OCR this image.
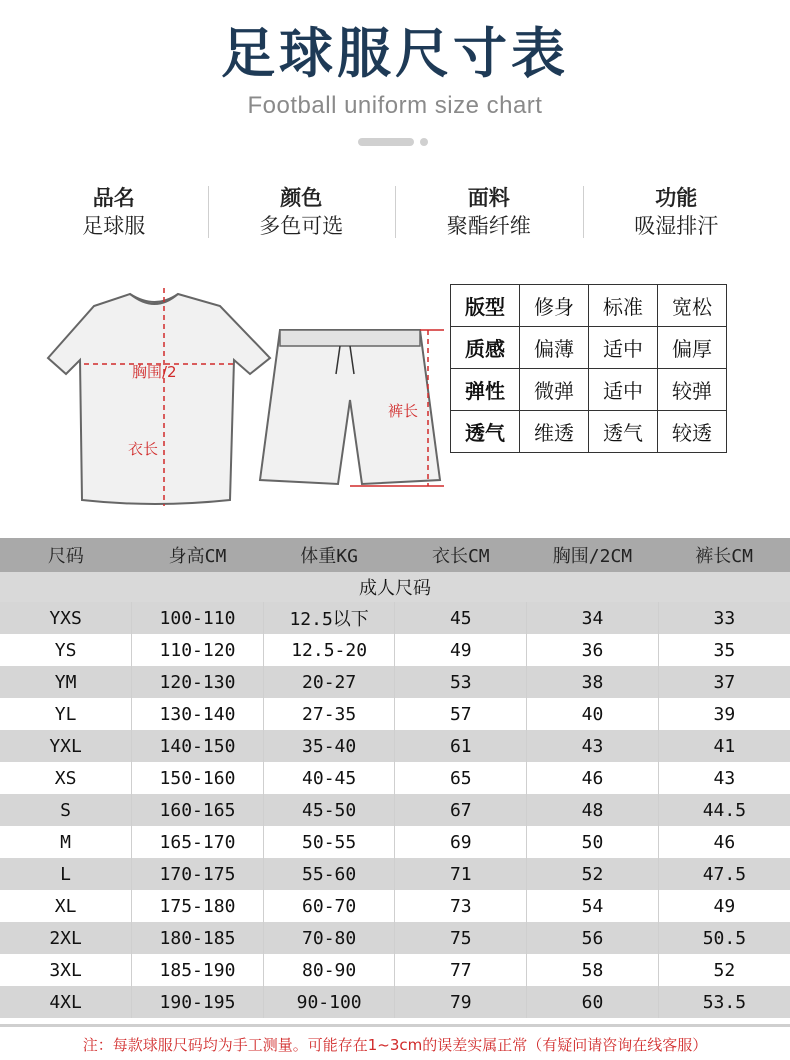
足球服尺寸表
Football uniform size chart
品名
足球服
颜色
多色可选
面料
聚酯纤维
功能
吸湿排汗
胸围/2
衣长
裤长
版型	修身	标准	宽松
质感	偏薄	适中	偏厚
弹性	微弹	适中	较弹
透气	维透	透气	较透
尺码	身高CM	体重KG	衣长CM	胸围/2CM	裤长CM
成人尺码					
YXS	100-110	12.5以下	45	34	33
YS	110-120	12.5-20	49	36	35
YM	120-130	20-27	53	38	37
YL	130-140	27-35	57	40	39
YXL	140-150	35-40	61	43	41
XS	150-160	40-45	65	46	43
S	160-165	45-50	67	48	44.5
M	165-170	50-55	69	50	46
L	170-175	55-60	71	52	47.5
XL	175-180	60-70	73	54	49
2XL	180-185	70-80	75	56	50.5
3XL	185-190	80-90	77	58	52
4XL	190-195	90-100	79	60	53.5
注：每款球服尺码均为手工测量。可能存在1~3cm的误差实属正常（有疑问请咨询在线客服）
